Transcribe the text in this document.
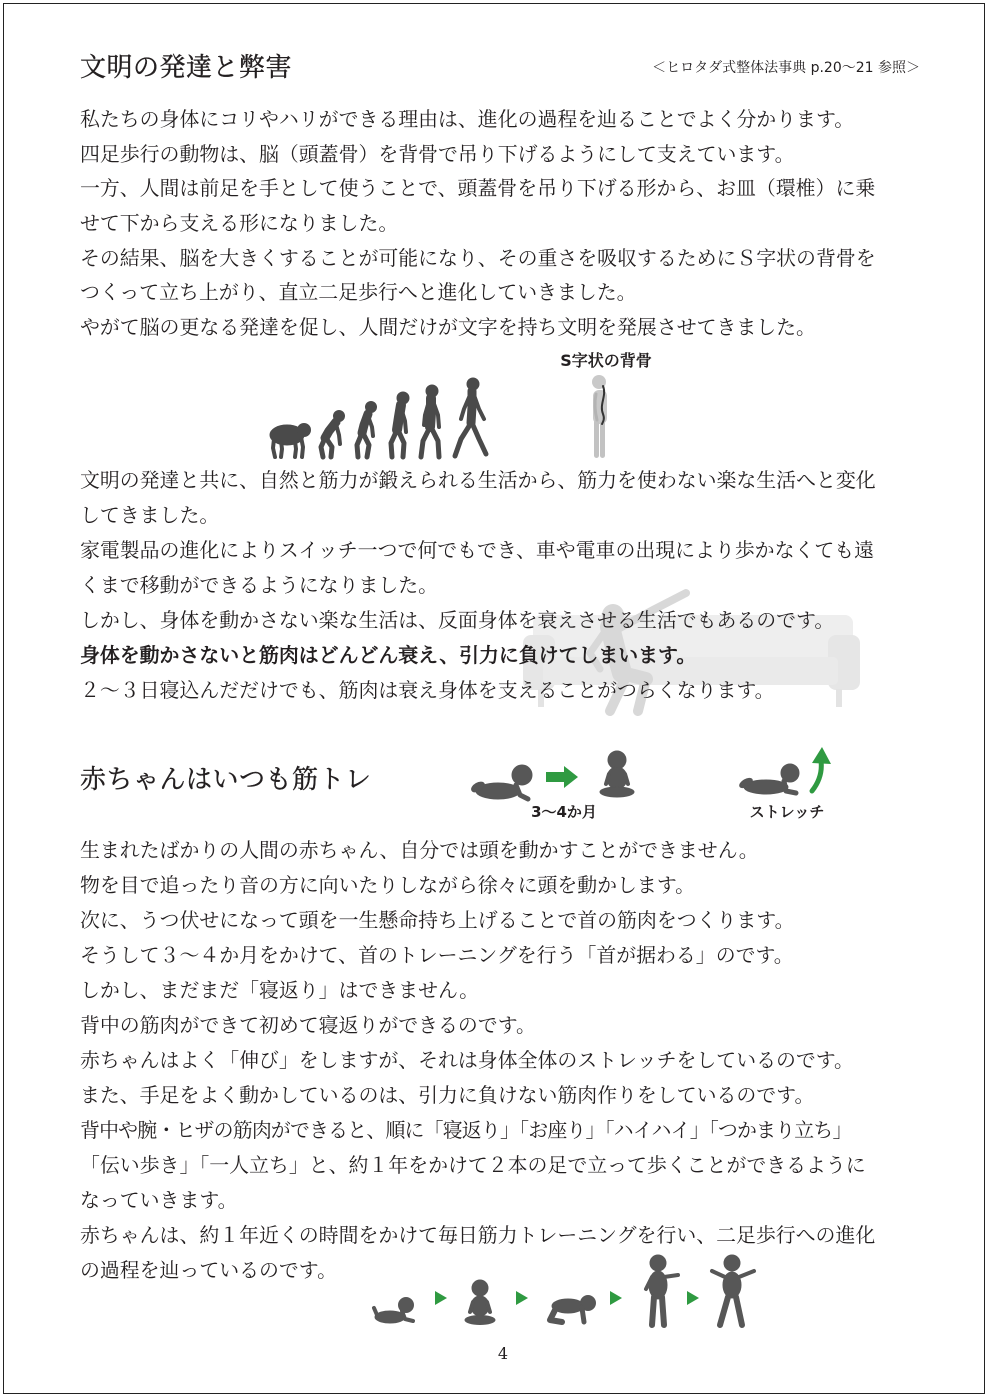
文明の発達と弊害	＜ヒロタダ式整体法事典 p.20～21 参照＞
私たちの身体にコリやハリができる理由は、進化の過程を辿ることでよく分かります。
四足歩行の動物は、脳（頭蓋骨）を背骨で吊り下げるようにして支えています。
一方、人間は前足を手として使うことで、頭蓋骨を吊り下げる形から、お皿（環椎）に乗
せて下から支える形になりました。
その結果、脳を大きくすることが可能になり、その重さを吸収するためにＳ字状の背骨を
つくって立ち上がり、直立二足歩行へと進化していきました。
やがて脳の更なる発達を促し、人間だけが文字を持ち文明を発展させてきました。
S字状の背骨
文明の発達と共に、自然と筋力が鍛えられる生活から、筋力を使わない楽な生活へと変化
してきました。
家電製品の進化によりスイッチ一つで何でもでき、車や電車の出現により歩かなくても遠
くまで移動ができるようになりました。
しかし、身体を動かさない楽な生活は、反面身体を衰えさせる生活でもあるのです。
身体を動かさないと筋肉はどんどん衰え、引力に負けてしまいます。
２～３日寝込んだだけでも、筋肉は衰え身体を支えることがつらくなります。
赤ちゃんはいつも筋トレ
3～4か月	ストレッチ
生まれたばかりの人間の赤ちゃん、自分では頭を動かすことができません。
物を目で追ったり音の方に向いたりしながら徐々に頭を動かします。
次に、うつ伏せになって頭を一生懸命持ち上げることで首の筋肉をつくります。
そうして３～４か月をかけて、首のトレーニングを行う「首が据わる」のです。
しかし、まだまだ「寝返り」はできません。
背中の筋肉ができて初めて寝返りができるのです。
赤ちゃんはよく「伸び」をしますが、それは身体全体のストレッチをしているのです。
また、手足をよく動かしているのは、引力に負けない筋肉作りをしているのです。
背中や腕・ヒザの筋肉ができると、順に「寝返り」「お座り」「ハイハイ」「つかまり立ち」
「伝い歩き」「一人立ち」と、約１年をかけて２本の足で立って歩くことができるように
なっていきます。
赤ちゃんは、約１年近くの時間をかけて毎日筋力トレーニングを行い、二足歩行への進化
の過程を辿っているのです。
4
